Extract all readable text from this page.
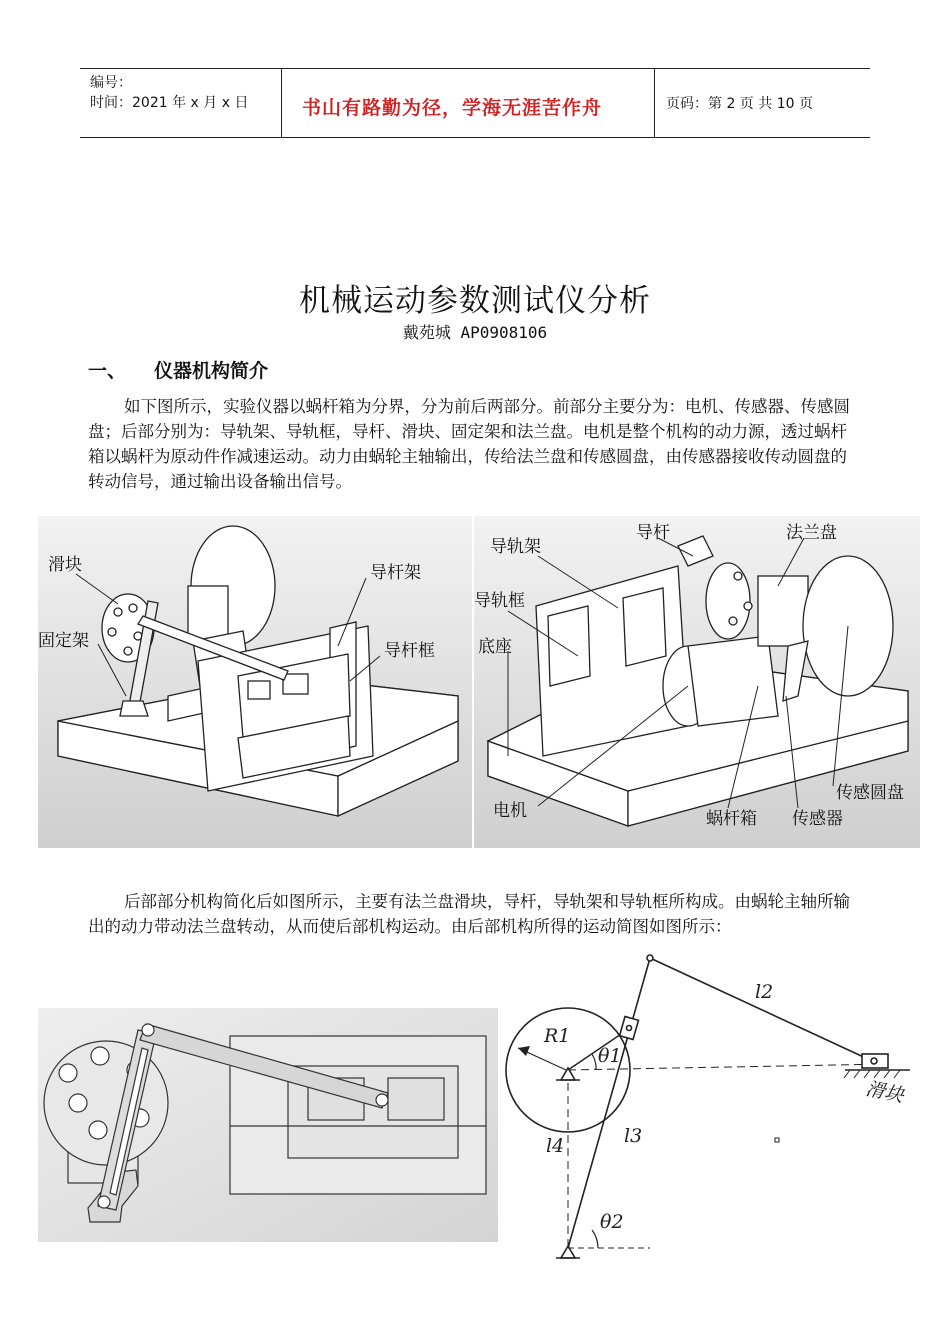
编号：
时间：2021 年 x 月 x 日	书山有路勤为径，学海无涯苦作舟	页码：第 2 页 共 10 页
机械运动参数测试仪分析
戴苑城 AP0908106
一、 仪器机构简介
如下图所示，实验仪器以蜗杆箱为分界，分为前后两部分。前部分主要分为：电机、传感器、传感圆盘；后部分别为：导轨架、导轨框，导杆、滑块、固定架和法兰盘。电机是整个机构的动力源，透过蜗杆箱以蜗杆为原动件作减速运动。动力由蜗轮主轴输出，传给法兰盘和传感圆盘，由传感器接收传动圆盘的转动信号，通过输出设备输出信号。
滑块
固定架
导杆架
导杆框
导杆	法兰盘
导轨架
导轨框
底座
电机	蜗杆箱 传感器
传感圆盘
后部部分机构简化后如图所示，主要有法兰盘滑块，导杆，导轨架和导轨框所构成。由蜗轮主轴所输出的动力带动法兰盘转动，从而使后部机构运动。由后部机构所得的运动简图如图所示：
R1
l2
l3
l4
θ1
θ2
滑块
